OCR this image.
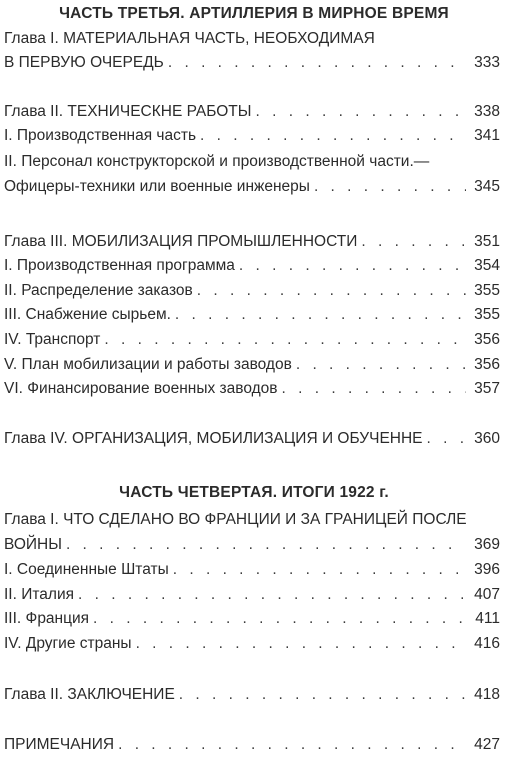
ЧАСТЬ ТРЕТЬЯ. АРТИЛЛЕРИЯ В МИРНОЕ ВРЕМЯ
Глава I. МАТЕРИАЛЬНАЯ ЧАСТЬ, НЕОБХОДИМАЯ
В ПЕРВУЮ ОЧЕРЕДЬ . . .	333
Глава II. ТЕХНИЧЕСКНЕ РАБОТЫ . . .	338
I. Производственная часть . . .	341
II. Персонал конструкторской и производственной части.—
Офицеры-техники или военные инженеры . . .	345
Глава III. МОБИЛИЗАЦИЯ ПРОМЫШЛЕННОСТИ . . .	351
I. Производственная программа . . .	354
II. Распределение заказов . . .	355
III. Снабжение сырьем. . . .	355
IV. Транспорт . . .	356
V. План мобилизации и работы заводов . . .	356
VI. Финансирование военных заводов . . .	357
Глава IV. ОРГАНИЗАЦИЯ, МОБИЛИЗАЦИЯ И ОБУЧЕННЕ . . .	360
ЧАСТЬ ЧЕТВЕРТАЯ. ИТОГИ 1922 г.
Глава I. ЧТО СДЕЛАНО ВО ФРАНЦИИ И ЗА ГРАНИЦЕЙ ПОСЛЕ
ВОЙНЫ . . .	369
I. Соединенные Штаты . . .	396
II. Италия . . .	407
III. Франция . . .	411
IV. Другие страны . . .	416
Глава II. ЗАКЛЮЧЕНИЕ . . .	418
ПРИМЕЧАНИЯ . . .	427
